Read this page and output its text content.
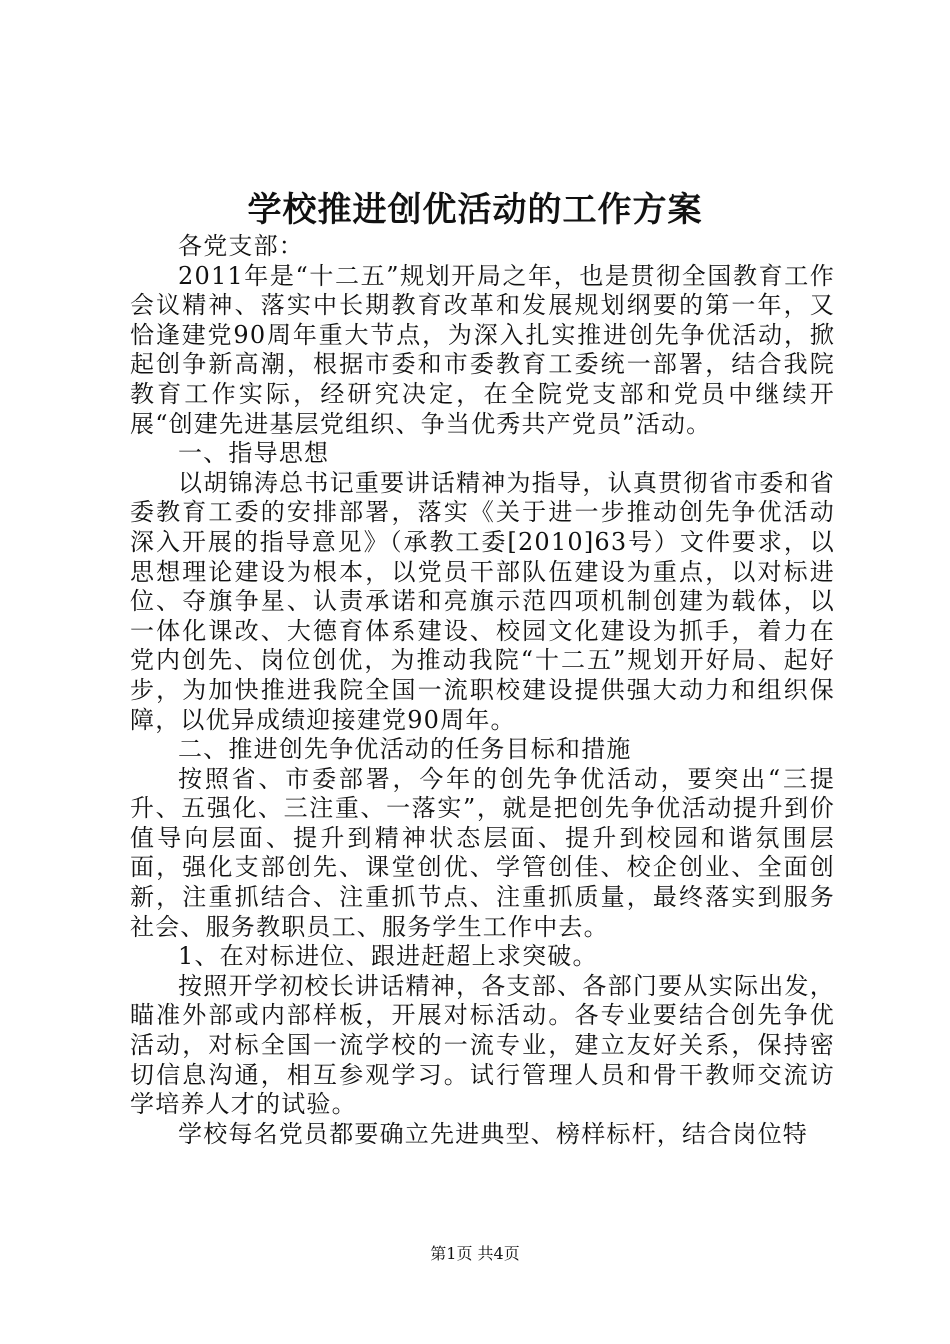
学校推进创优活动的工作方案

各党支部：

2011年是“十二五”规划开局之年，也是贯彻全国教育工作会议精神、落实中长期教育改革和发展规划纲要的第一年，又恰逢建党90周年重大节点，为深入扎实推进创先争优活动，掀起创争新高潮，根据市委和市委教育工委统一部署，结合我院教育工作实际，经研究决定，在全院党支部和党员中继续开展“创建先进基层党组织、争当优秀共产党员”活动。

一、指导思想

以胡锦涛总书记重要讲话精神为指导，认真贯彻省市委和省委教育工委的安排部署，落实《关于进一步推动创先争优活动深入开展的指导意见》（承教工委[2010]63号）文件要求，以思想理论建设为根本，以党员干部队伍建设为重点，以对标进位、夺旗争星、认责承诺和亮旗示范四项机制创建为载体，以一体化课改、大德育体系建设、校园文化建设为抓手，着力在党内创先、岗位创优，为推动我院“十二五”规划开好局、起好步，为加快推进我院全国一流职校建设提供强大动力和组织保障，以优异成绩迎接建党90周年。

二、推进创先争优活动的任务目标和措施

按照省、市委部署，今年的创先争优活动，要突出“三提升、五强化、三注重、一落实”，就是把创先争优活动提升到价值导向层面、提升到精神状态层面、提升到校园和谐氛围层面，强化支部创先、课堂创优、学管创佳、校企创业、全面创新，注重抓结合、注重抓节点、注重抓质量，最终落实到服务社会、服务教职员工、服务学生工作中去。

1、在对标进位、跟进赶超上求突破。

按照开学初校长讲话精神，各支部、各部门要从实际出发，瞄准外部或内部样板，开展对标活动。各专业要结合创先争优活动，对标全国一流学校的一流专业，建立友好关系，保持密切信息沟通，相互参观学习。试行管理人员和骨干教师交流访学培养人才的试验。

学校每名党员都要确立先进典型、榜样标杆，结合岗位特

第1页 共4页
